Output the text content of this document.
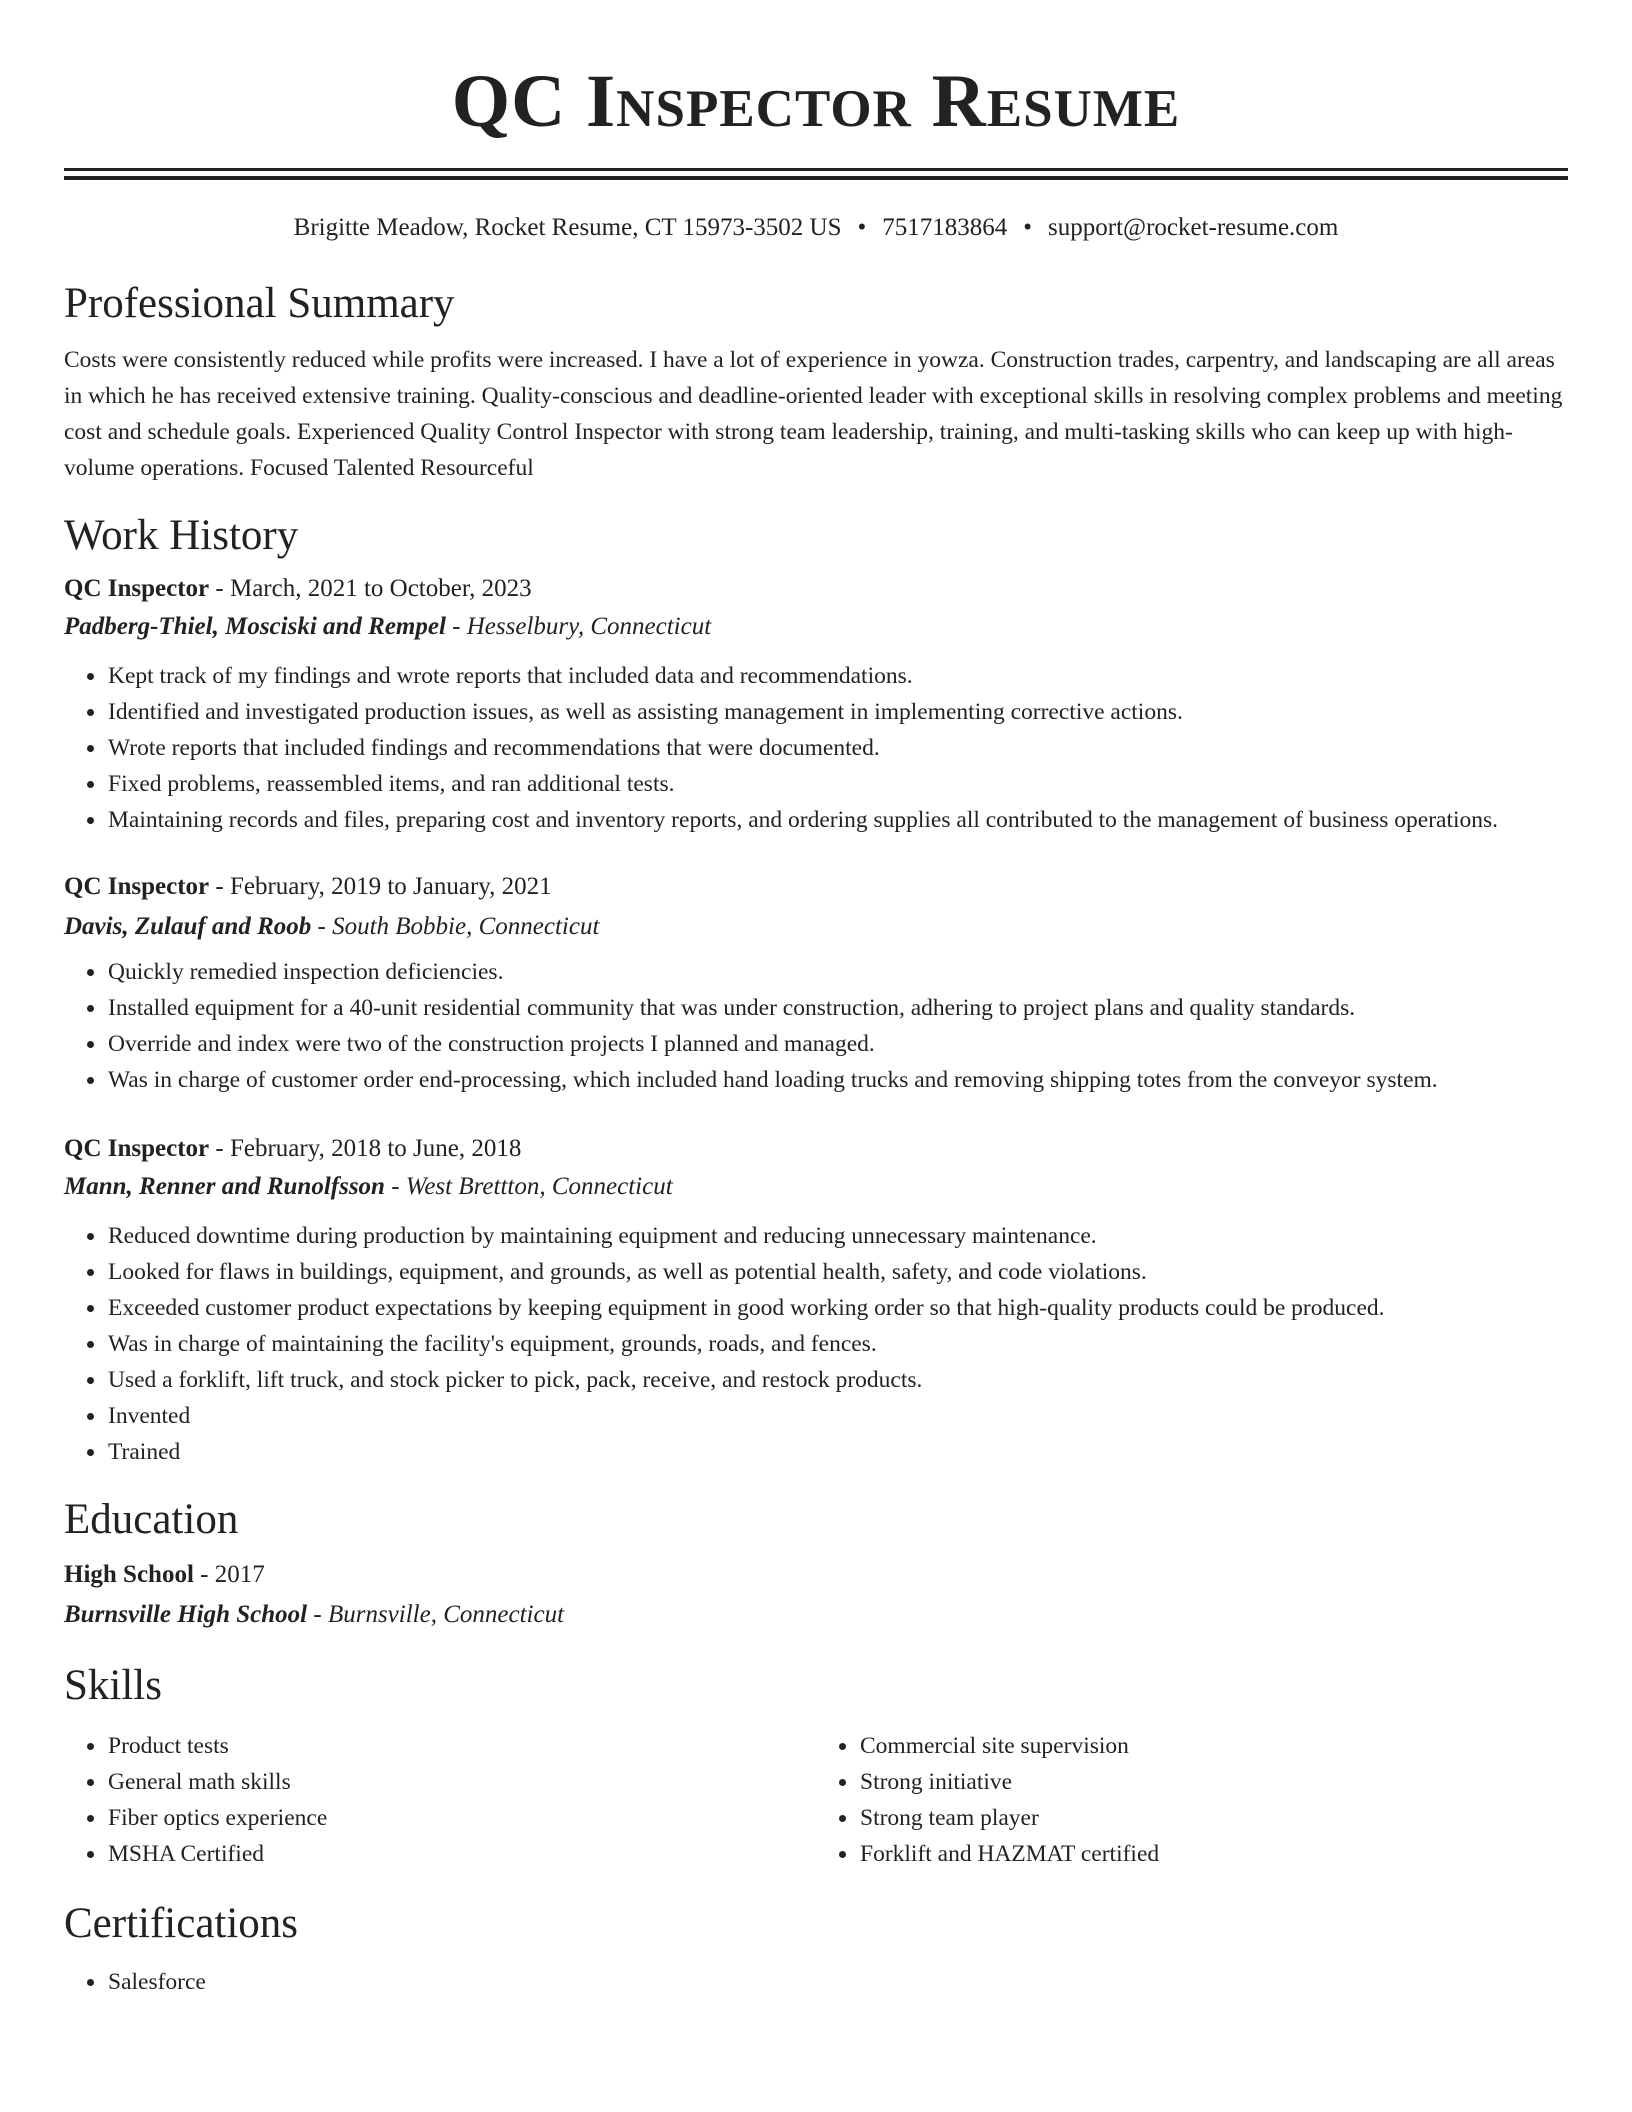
QC Inspector Resume
Brigitte Meadow, Rocket Resume, CT 15973-3502 US • 7517183864 • support@rocket-resume.com
Professional Summary

Costs were consistently reduced while profits were increased. I have a lot of experience in yowza. Construction trades, carpentry, and landscaping are all areas in which he has received extensive training. Quality-conscious and deadline-oriented leader with exceptional skills in resolving complex problems and meeting cost and schedule goals. Experienced Quality Control Inspector with strong team leadership, training, and multi-tasking skills who can keep up with high-volume operations. Focused Talented Resourceful

Work History
QC Inspector - March, 2021 to October, 2023
Padberg-Thiel, Mosciski and Rempel - Hesselbury, Connecticut
• Kept track of my findings and wrote reports that included data and recommendations.
• Identified and investigated production issues, as well as assisting management in implementing corrective actions.
• Wrote reports that included findings and recommendations that were documented.
• Fixed problems, reassembled items, and ran additional tests.
• Maintaining records and files, preparing cost and inventory reports, and ordering supplies all contributed to the management of business operations.
QC Inspector - February, 2019 to January, 2021
Davis, Zulauf and Roob - South Bobbie, Connecticut
• Quickly remedied inspection deficiencies.
• Installed equipment for a 40-unit residential community that was under construction, adhering to project plans and quality standards.
• Override and index were two of the construction projects I planned and managed.
• Was in charge of customer order end-processing, which included hand loading trucks and removing shipping totes from the conveyor system.
QC Inspector - February, 2018 to June, 2018
Mann, Renner and Runolfsson - West Brettton, Connecticut
• Reduced downtime during production by maintaining equipment and reducing unnecessary maintenance.
• Looked for flaws in buildings, equipment, and grounds, as well as potential health, safety, and code violations.
• Exceeded customer product expectations by keeping equipment in good working order so that high-quality products could be produced.
• Was in charge of maintaining the facility's equipment, grounds, roads, and fences.
• Used a forklift, lift truck, and stock picker to pick, pack, receive, and restock products.
• Invented
• Trained
Education
High School - 2017
Burnsville High School - Burnsville, Connecticut
Skills
• Product tests
• General math skills
• Fiber optics experience
• MSHA Certified
• Commercial site supervision
• Strong initiative
• Strong team player
• Forklift and HAZMAT certified
Certifications
• Salesforce
